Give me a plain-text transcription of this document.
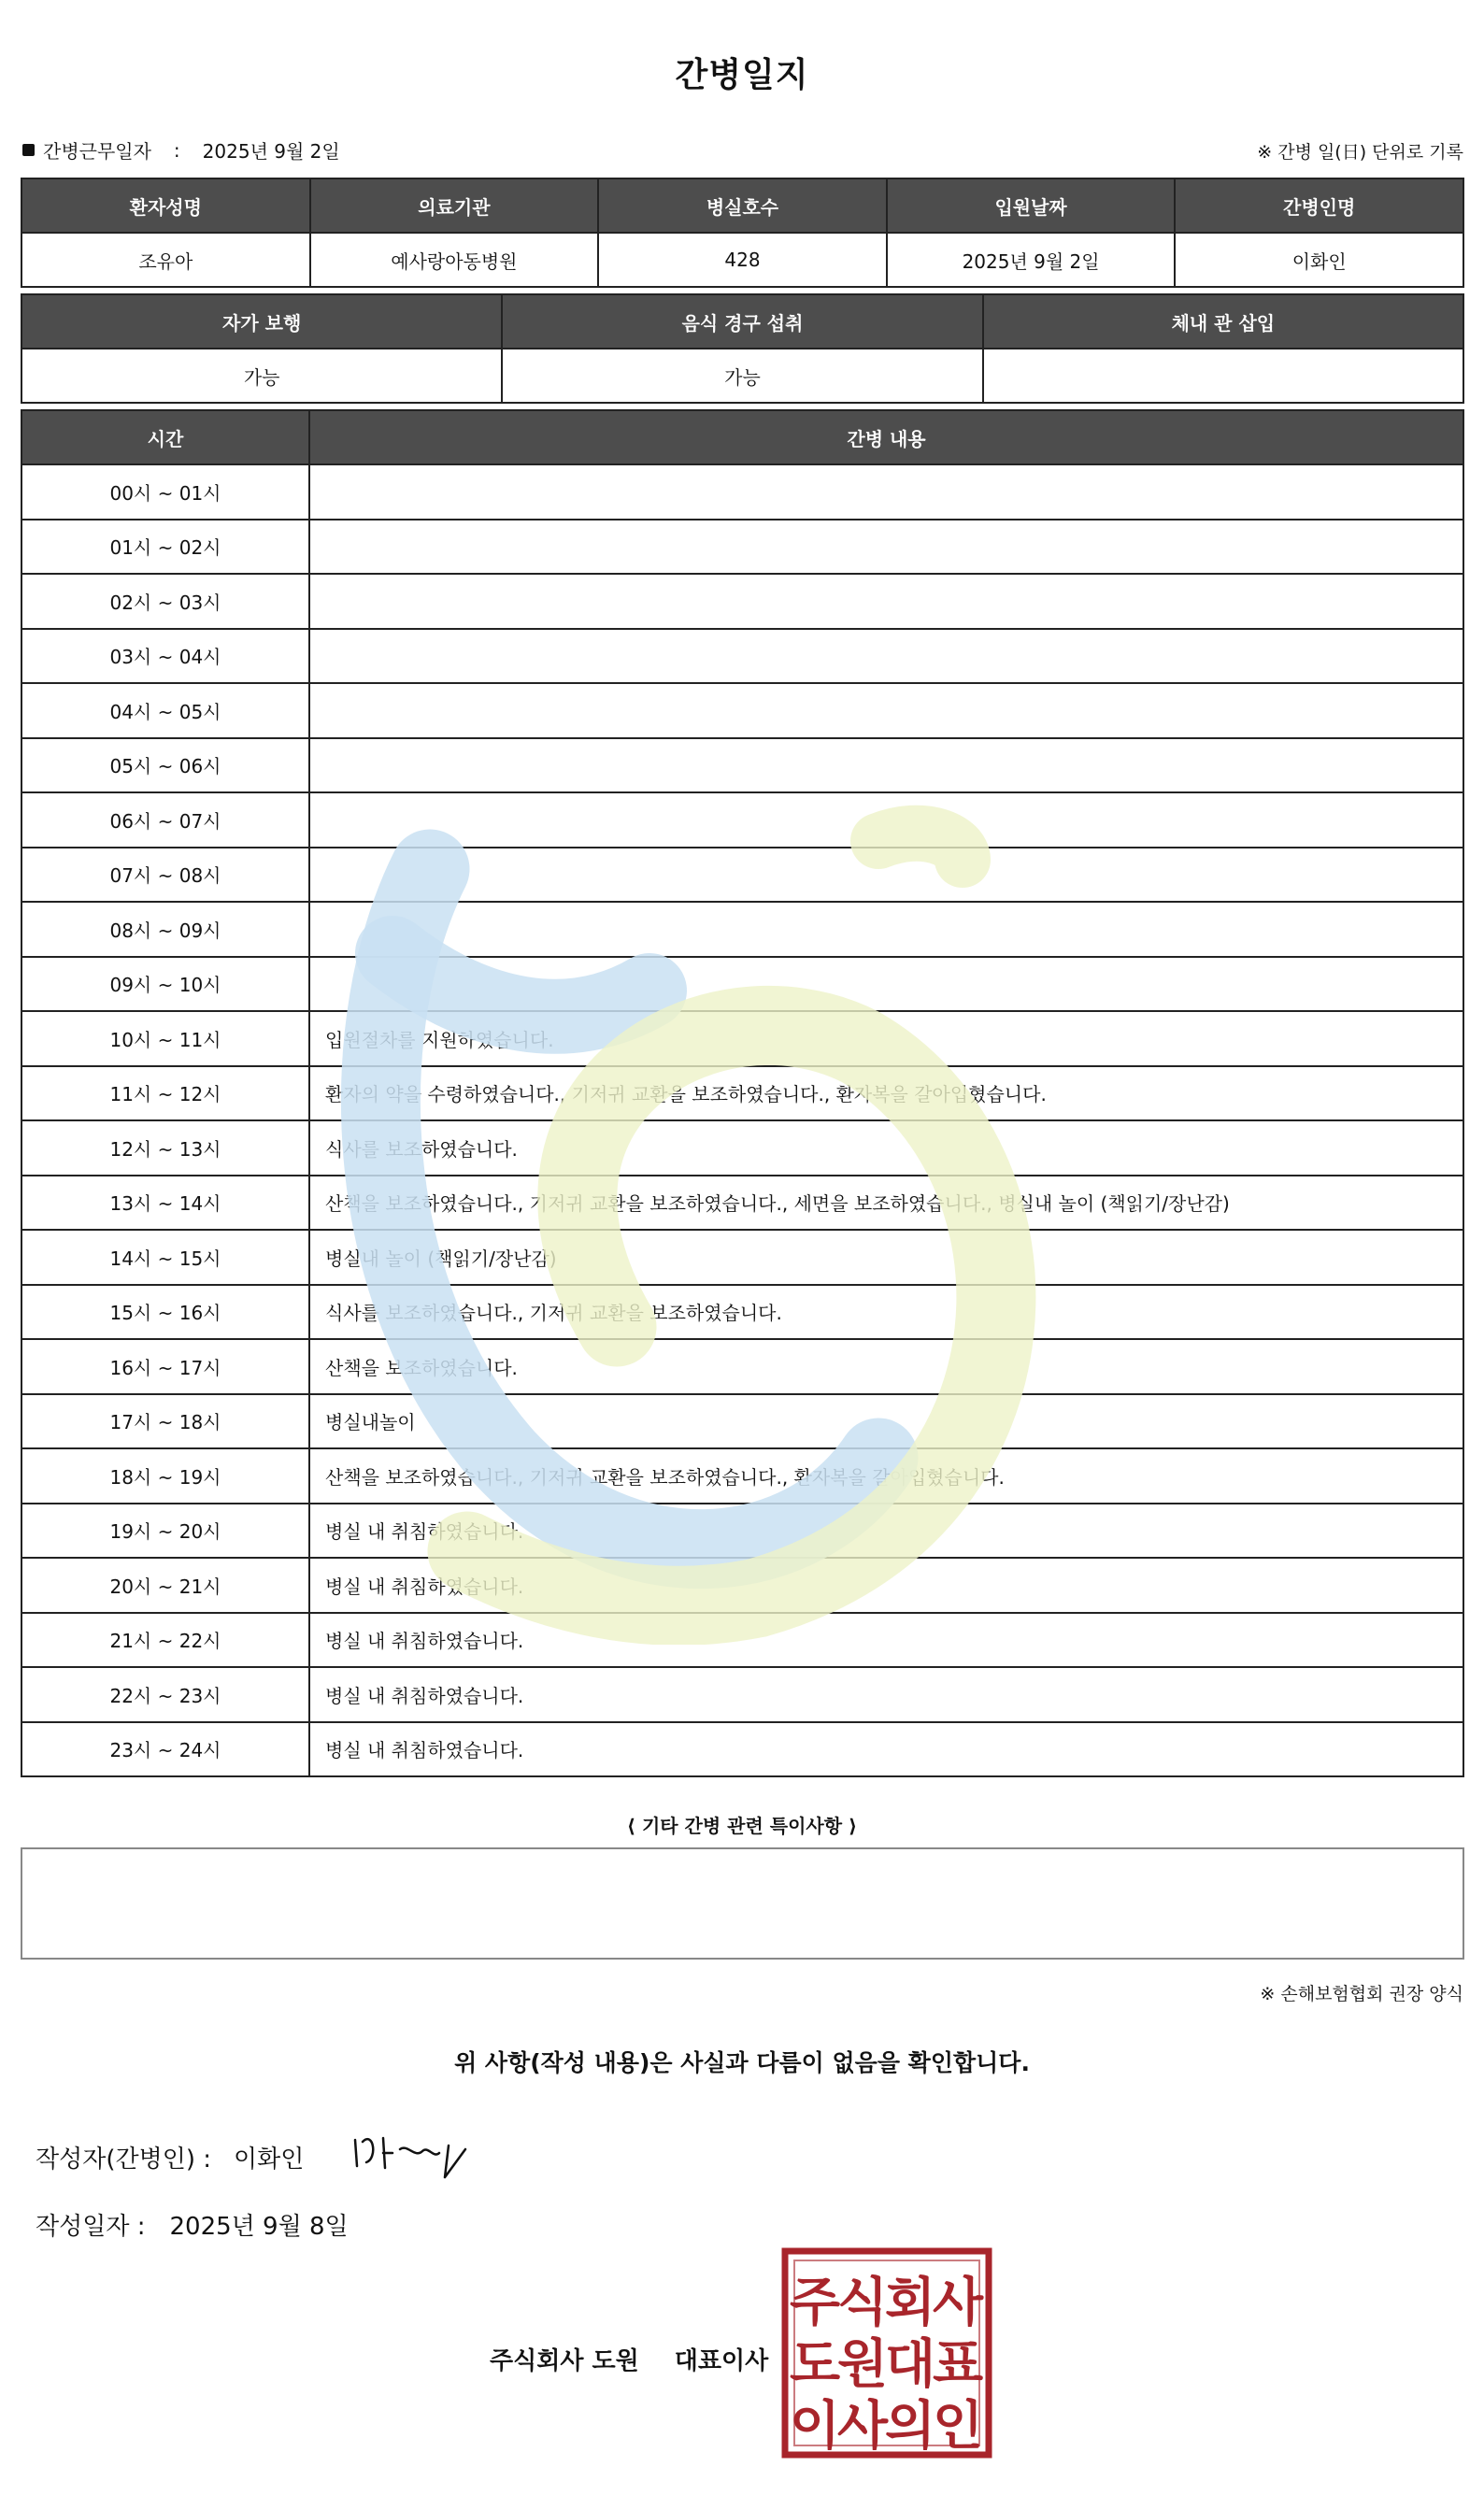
간병일지
간병근무일자 : 2025년 9월 2일	※ 간병 일(日) 단위로 기록
환자성명	의료기관	병실호수	입원날짜	간병인명
조유아	예사랑아동병원	428	2025년 9월 2일	이화인
자가 보행	음식 경구 섭취	체내 관 삽입
가능	가능	
시간	간병 내용
00시 ~ 01시	
01시 ~ 02시	
02시 ~ 03시	
03시 ~ 04시	
04시 ~ 05시	
05시 ~ 06시	
06시 ~ 07시	
07시 ~ 08시	
08시 ~ 09시	
09시 ~ 10시	
10시 ~ 11시	입원절차를 지원하였습니다.
11시 ~ 12시	환자의 약을 수령하였습니다., 기저귀 교환을 보조하였습니다., 환자복을 갈아입혔습니다.
12시 ~ 13시	식사를 보조하였습니다.
13시 ~ 14시	산책을 보조하였습니다., 기저귀 교환을 보조하였습니다., 세면을 보조하였습니다., 병실내 놀이 (책읽기/장난감)
14시 ~ 15시	병실내 놀이 (책읽기/장난감)
15시 ~ 16시	식사를 보조하였습니다., 기저귀 교환을 보조하였습니다.
16시 ~ 17시	산책을 보조하였습니다.
17시 ~ 18시	병실내놀이
18시 ~ 19시	산책을 보조하였습니다., 기저귀 교환을 보조하였습니다., 환자복을 갈아입혔습니다.
19시 ~ 20시	병실 내 취침하였습니다.
20시 ~ 21시	병실 내 취침하였습니다.
21시 ~ 22시	병실 내 취침하였습니다.
22시 ~ 23시	병실 내 취침하였습니다.
23시 ~ 24시	병실 내 취침하였습니다.
⟨ 기타 간병 관련 특이사항 ⟩
※ 손해보험협회 권장 양식
위 사항(작성 내용)은 사실과 다름이 없음을 확인합니다.
작성자(간병인) : 이화인
작성일자 : 2025년 9월 8일
주식회사 도원 대표이사
주
식
회
사
도
원
대
표
이
사
의
인
